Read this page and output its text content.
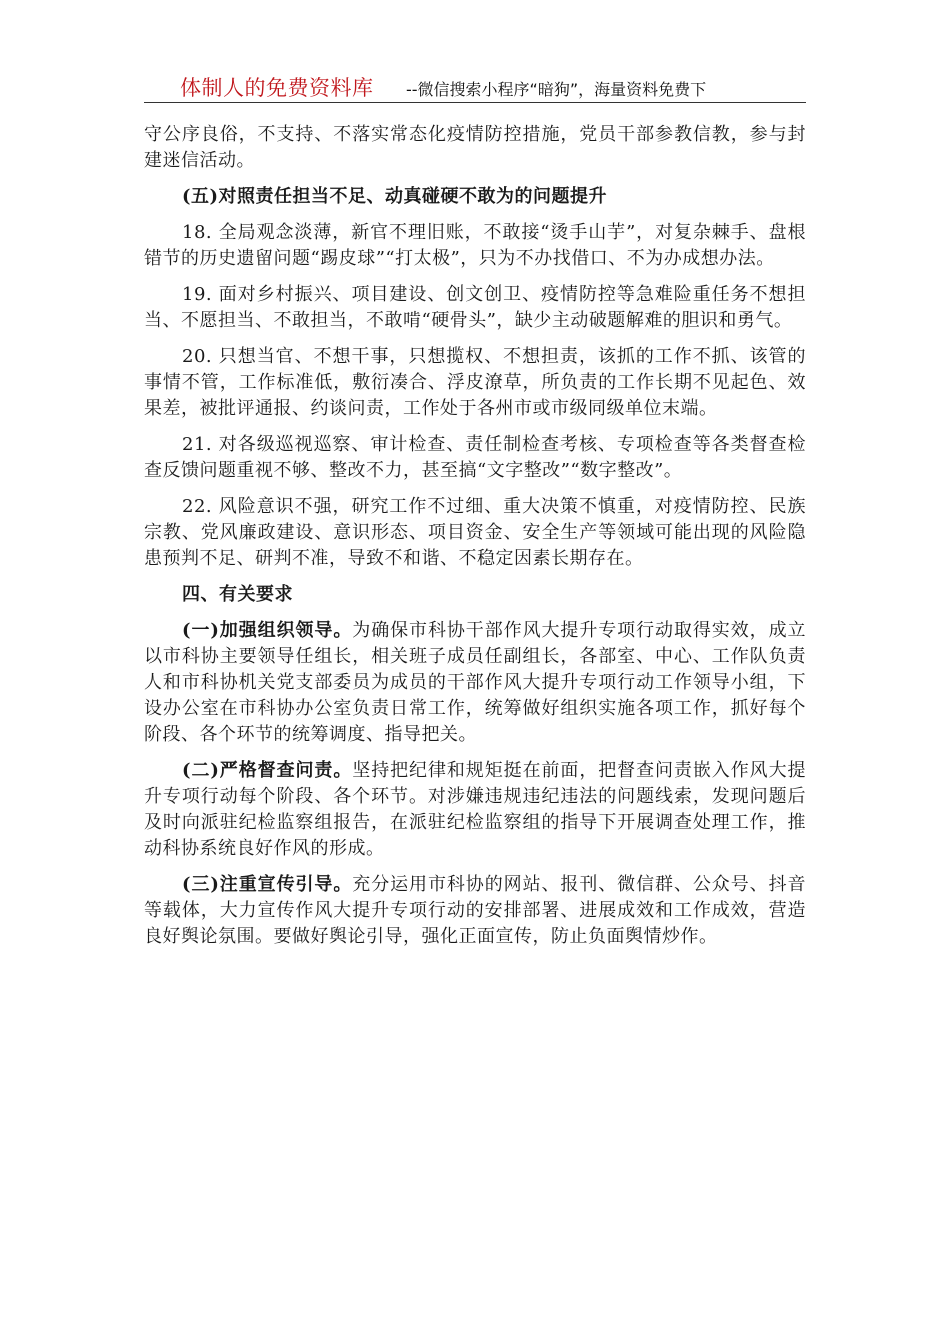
体制人的免费资料库 --微信搜索小程序“暗狗”，海量资料免费下

守公序良俗，不支持、不落实常态化疫情防控措施，党员干部参教信教，参与封建迷信活动。

(五)对照责任担当不足、动真碰硬不敢为的问题提升

18. 全局观念淡薄，新官不理旧账，不敢接“烫手山芋”，对复杂棘手、盘根错节的历史遗留问题“踢皮球”“打太极”，只为不办找借口、不为办成想办法。

19. 面对乡村振兴、项目建设、创文创卫、疫情防控等急难险重任务不想担当、不愿担当、不敢担当，不敢啃“硬骨头”，缺少主动破题解难的胆识和勇气。

20. 只想当官、不想干事，只想揽权、不想担责，该抓的工作不抓、该管的事情不管，工作标准低，敷衍凑合、浮皮潦草，所负责的工作长期不见起色、效果差，被批评通报、约谈问责，工作处于各州市或市级同级单位末端。

21. 对各级巡视巡察、审计检查、责任制检查考核、专项检查等各类督查检查反馈问题重视不够、整改不力，甚至搞“文字整改”“数字整改”。

22. 风险意识不强，研究工作不过细、重大决策不慎重，对疫情防控、民族宗教、党风廉政建设、意识形态、项目资金、安全生产等领域可能出现的风险隐患预判不足、研判不准，导致不和谐、不稳定因素长期存在。

四、有关要求

(一)加强组织领导。为确保市科协干部作风大提升专项行动取得实效，成立以市科协主要领导任组长，相关班子成员任副组长，各部室、中心、工作队负责人和市科协机关党支部委员为成员的干部作风大提升专项行动工作领导小组，下设办公室在市科协办公室负责日常工作，统筹做好组织实施各项工作，抓好每个阶段、各个环节的统筹调度、指导把关。

(二)严格督查问责。坚持把纪律和规矩挺在前面，把督查问责嵌入作风大提升专项行动每个阶段、各个环节。对涉嫌违规违纪违法的问题线索，发现问题后及时向派驻纪检监察组报告，在派驻纪检监察组的指导下开展调查处理工作，推动科协系统良好作风的形成。

(三)注重宣传引导。充分运用市科协的网站、报刊、微信群、公众号、抖音等载体，大力宣传作风大提升专项行动的安排部署、进展成效和工作成效，营造良好舆论氛围。要做好舆论引导，强化正面宣传，防止负面舆情炒作。
